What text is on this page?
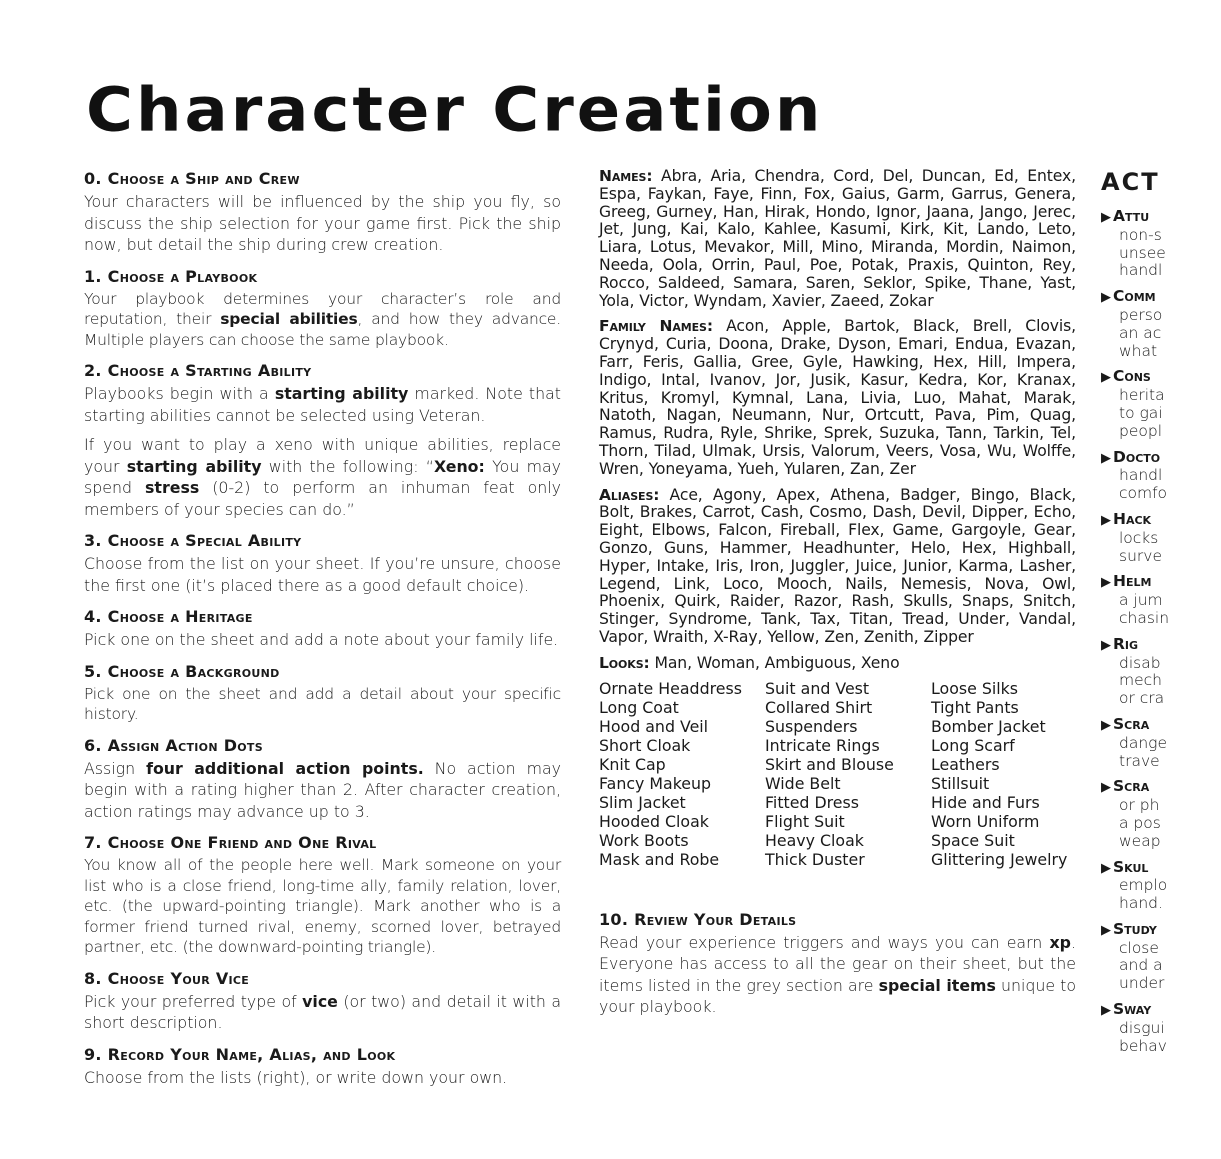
Character Creation
0. Choose a Ship and Crew

Your characters will be influenced by the ship you fly, so discuss the ship selection for your game first. Pick the ship now, but detail the ship during crew creation.

1. Choose a Playbook

Your playbook determines your character’s role and reputation, their special abilities, and how they advance. Multiple players can choose the same playbook.

2. Choose a Starting Ability

Playbooks begin with a starting ability marked. Note that starting abilities cannot be selected using Veteran.

If you want to play a xeno with unique abilities, replace your starting ability with the following: “Xeno: You may spend stress (0-2) to perform an inhuman feat only members of your species can do.”

3. Choose a Special Ability

Choose from the list on your sheet. If you’re unsure, choose the first one (it’s placed there as a good default choice).

4. Choose a Heritage

Pick one on the sheet and add a note about your family life.

5. Choose a Background

Pick one on the sheet and add a detail about your specific history.

6. Assign Action Dots

Assign four additional action points. No action may begin with a rating higher than 2. After character creation, action ratings may advance up to 3.

7. Choose One Friend and One Rival

You know all of the people here well. Mark someone on your list who is a close friend, long-time ally, family relation, lover, etc. (the upward-pointing triangle). Mark another who is a former friend turned rival, enemy, scorned lover, betrayed partner, etc. (the downward-pointing triangle).

8. Choose Your Vice

Pick your preferred type of vice (or two) and detail it with a short description.

9. Record Your Name, Alias, and Look

Choose from the lists (right), or write down your own.

Names: Abra, Aria, Chendra, Cord, Del, Duncan, Ed, Entex, Espa, Faykan, Faye, Finn, Fox, Gaius, Garm, Garrus, Genera, Greeg, Gurney, Han, Hirak, Hondo, Ignor, Jaana, Jango, Jerec, Jet, Jung, Kai, Kalo, Kahlee, Kasumi, Kirk, Kit, Lando, Leto, Liara, Lotus, Mevakor, Mill, Mino, Miranda, Mordin, Naimon, Needa, Oola, Orrin, Paul, Poe, Potak, Praxis, Quinton, Rey, Rocco, Saldeed, Samara, Saren, Seklor, Spike, Thane, Yast, Yola, Victor, Wyndam, Xavier, Zaeed, Zokar

Family Names: Acon, Apple, Bartok, Black, Brell, Clovis, Crynyd, Curia, Doona, Drake, Dyson, Emari, Endua, Evazan, Farr, Feris, Gallia, Gree, Gyle, Hawking, Hex, Hill, Impera, Indigo, Intal, Ivanov, Jor, Jusik, Kasur, Kedra, Kor, Kranax, Kritus, Kromyl, Kymnal, Lana, Livia, Luo, Mahat, Marak, Natoth, Nagan, Neumann, Nur, Ortcutt, Pava, Pim, Quag, Ramus, Rudra, Ryle, Shrike, Sprek, Suzuka, Tann, Tarkin, Tel, Thorn, Tilad, Ulmak, Ursis, Valorum, Veers, Vosa, Wu, Wolffe, Wren, Yoneyama, Yueh, Yularen, Zan, Zer

Aliases: Ace, Agony, Apex, Athena, Badger, Bingo, Black, Bolt, Brakes, Carrot, Cash, Cosmo, Dash, Devil, Dipper, Echo, Eight, Elbows, Falcon, Fireball, Flex, Game, Gargoyle, Gear, Gonzo, Guns, Hammer, Headhunter, Helo, Hex, Highball, Hyper, Intake, Iris, Iron, Juggler, Juice, Junior, Karma, Lasher, Legend, Link, Loco, Mooch, Nails, Nemesis, Nova, Owl, Phoenix, Quirk, Raider, Razor, Rash, Skulls, Snaps, Snitch, Stinger, Syndrome, Tank, Tax, Titan, Tread, Under, Vandal, Vapor, Wraith, X-Ray, Yellow, Zen, Zenith, Zipper

Looks: Man, Woman, Ambiguous, Xeno

Ornate Headdress	Suit and Vest	Loose Silks
Long Coat	Collared Shirt	Tight Pants
Hood and Veil	Suspenders	Bomber Jacket
Short Cloak	Intricate Rings	Long Scarf
Knit Cap	Skirt and Blouse	Leathers
Fancy Makeup	Wide Belt	Stillsuit
Slim Jacket	Fitted Dress	Hide and Furs
Hooded Cloak	Flight Suit	Worn Uniform
Work Boots	Heavy Cloak	Space Suit
Mask and Robe	Thick Duster	Glittering Jewelry
10. Review Your Details

Read your experience triggers and ways you can earn xp. Everyone has access to all the gear on their sheet, but the items listed in the grey section are special items unique to your playbook.

ACT
▶ Attu
non-s
unsee
handl
▶ Comm
perso
an ac
what
▶ Cons
herita
to gai
peopl
▶ Docto
handl
comfo
▶ Hack
locks
surve
▶ Helm
a jum
chasin
▶ Rig
disab
mech
or cra
▶ Scra
dange
trave
▶ Scra
or ph
a pos
weap
▶ Skul
emplo
hand.
▶ Study
close
and a
under
▶ Sway
disgui
behav
